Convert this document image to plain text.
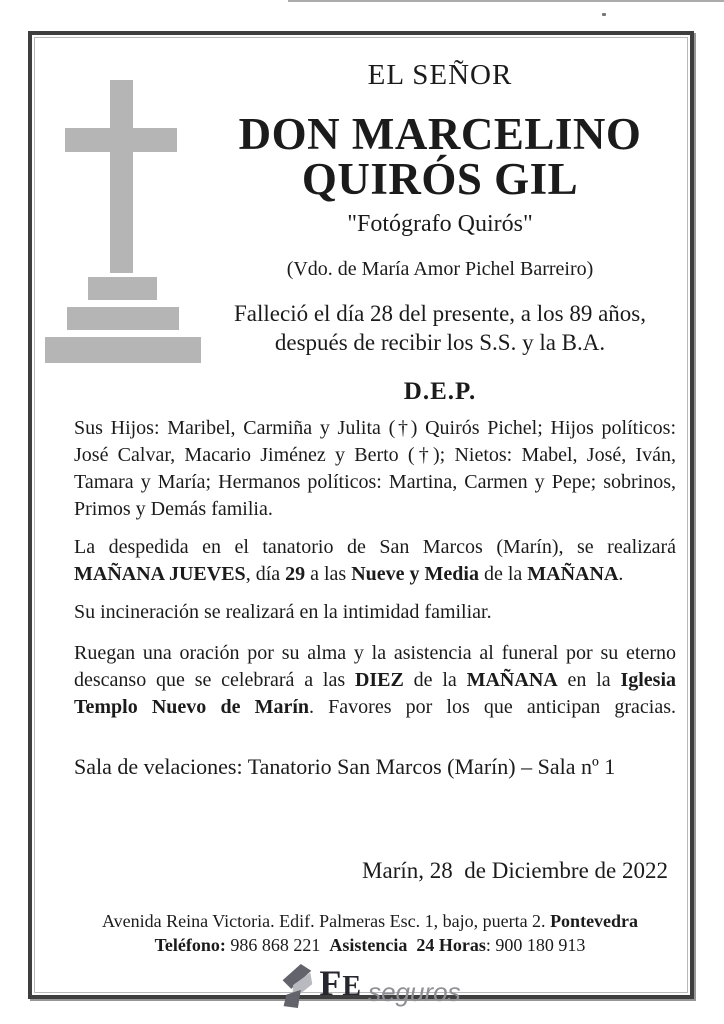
EL SEÑOR
DON MARCELINO
QUIRÓS GIL
"Fotógrafo Quirós"
(Vdo. de María Amor Pichel Barreiro)
Falleció el día 28 del presente, a los 89 años,
después de recibir los S.S. y la B.A.
D.E.P.

Sus Hijos: Maribel, Carmiña y Julita (†) Quirós Pichel; Hijos políticos: José Calvar, Macario Jiménez y Berto (†); Nietos: Mabel, José, Iván, Tamara y María; Hermanos políticos: Martina, Carmen y Pepe; sobrinos, Primos y Demás familia.

La despedida en el tanatorio de San Marcos (Marín), se realizará MAÑANA JUEVES, día 29 a las Nueve y Media de la MAÑANA.

Su incineración se realizará en la intimidad familiar.

Ruegan una oración por su alma y la asistencia al funeral por su eterno descanso que se celebrará a las DIEZ de la MAÑANA en la Iglesia Templo Nuevo de Marín. Favores por los que anticipan gracias.

Sala de velaciones: Tanatorio San Marcos (Marín) – Sala nº 1

Marín, 28  de Diciembre de 2022
Avenida Reina Victoria. Edif. Palmeras Esc. 1, bajo, puerta 2. Pontevedra
Teléfono: 986 868 221  Asistencia  24 Horas: 900 180 913
FE seguros
